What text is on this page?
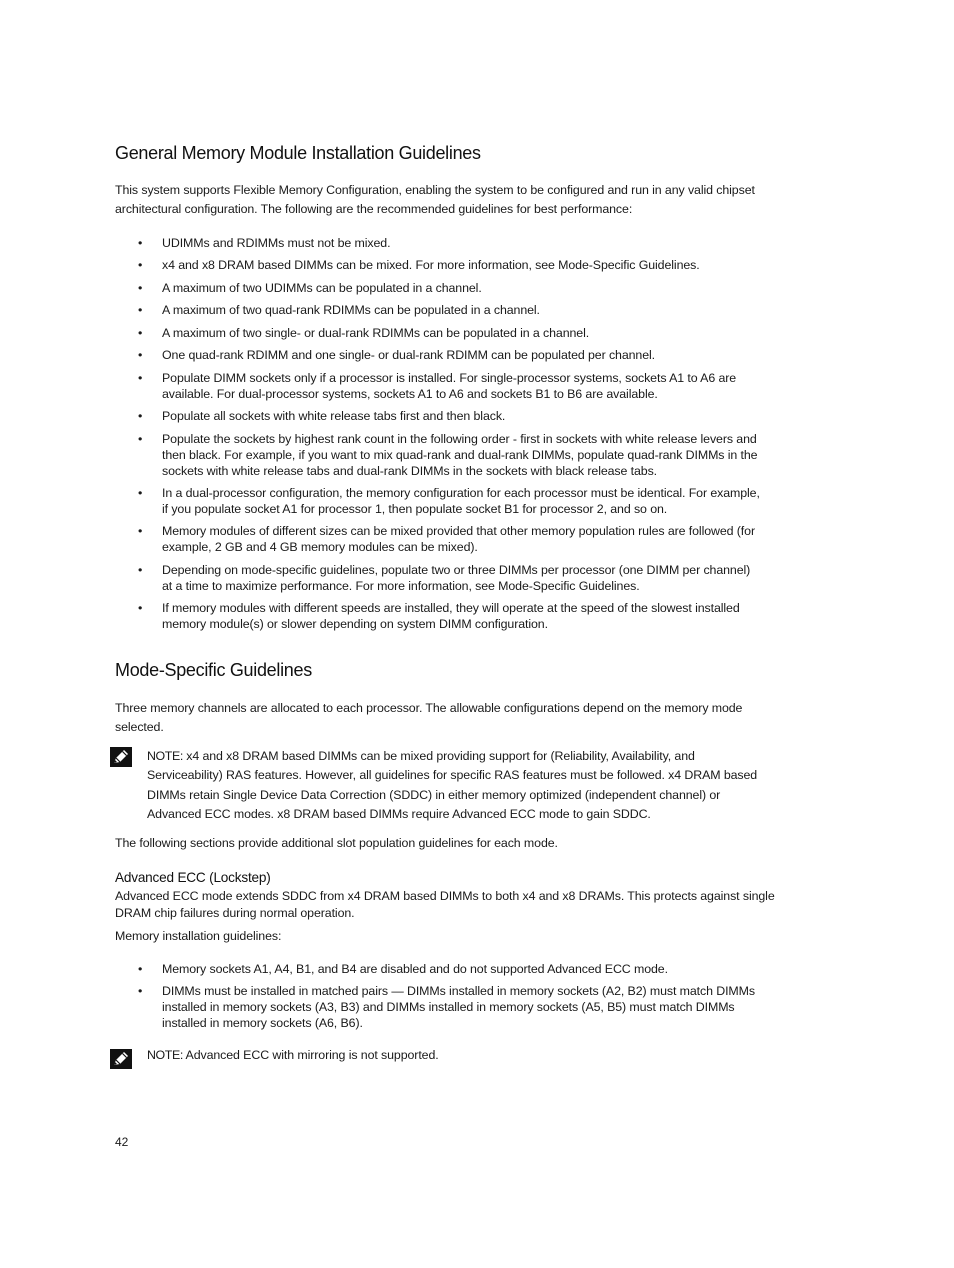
General Memory Module Installation Guidelines

This system supports Flexible Memory Configuration, enabling the system to be configured and run in any valid chipset
architectural configuration. The following are the recommended guidelines for best performance:

• UDIMMs and RDIMMs must not be mixed.
• x4 and x8 DRAM based DIMMs can be mixed. For more information, see Mode-Specific Guidelines.
• A maximum of two UDIMMs can be populated in a channel.
• A maximum of two quad-rank RDIMMs can be populated in a channel.
• A maximum of two single- or dual-rank RDIMMs can be populated in a channel.
• One quad-rank RDIMM and one single- or dual-rank RDIMM can be populated per channel.
• Populate DIMM sockets only if a processor is installed. For single-processor systems, sockets A1 to A6 are
available. For dual-processor systems, sockets A1 to A6 and sockets B1 to B6 are available.
• Populate all sockets with white release tabs first and then black.
• Populate the sockets by highest rank count in the following order - first in sockets with white release levers and
then black. For example, if you want to mix quad-rank and dual-rank DIMMs, populate quad-rank DIMMs in the
sockets with white release tabs and dual-rank DIMMs in the sockets with black release tabs.
• In a dual-processor configuration, the memory configuration for each processor must be identical. For example,
if you populate socket A1 for processor 1, then populate socket B1 for processor 2, and so on.
• Memory modules of different sizes can be mixed provided that other memory population rules are followed (for
example, 2 GB and 4 GB memory modules can be mixed).
• Depending on mode-specific guidelines, populate two or three DIMMs per processor (one DIMM per channel)
at a time to maximize performance. For more information, see Mode-Specific Guidelines.
• If memory modules with different speeds are installed, they will operate at the speed of the slowest installed
memory module(s) or slower depending on system DIMM configuration.
Mode-Specific Guidelines

Three memory channels are allocated to each processor. The allowable configurations depend on the memory mode
selected.

NOTE: x4 and x8 DRAM based DIMMs can be mixed providing support for (Reliability, Availability, and
Serviceability) RAS features. However, all guidelines for specific RAS features must be followed. x4 DRAM based
DIMMs retain Single Device Data Correction (SDDC) in either memory optimized (independent channel) or
Advanced ECC modes. x8 DRAM based DIMMs require Advanced ECC mode to gain SDDC.

The following sections provide additional slot population guidelines for each mode.

Advanced ECC (Lockstep)

Advanced ECC mode extends SDDC from x4 DRAM based DIMMs to both x4 and x8 DRAMs. This protects against single
DRAM chip failures during normal operation.

Memory installation guidelines:

• Memory sockets A1, A4, B1, and B4 are disabled and do not supported Advanced ECC mode.
• DIMMs must be installed in matched pairs — DIMMs installed in memory sockets (A2, B2) must match DIMMs
installed in memory sockets (A3, B3) and DIMMs installed in memory sockets (A5, B5) must match DIMMs
installed in memory sockets (A6, B6).

NOTE: Advanced ECC with mirroring is not supported.

42
